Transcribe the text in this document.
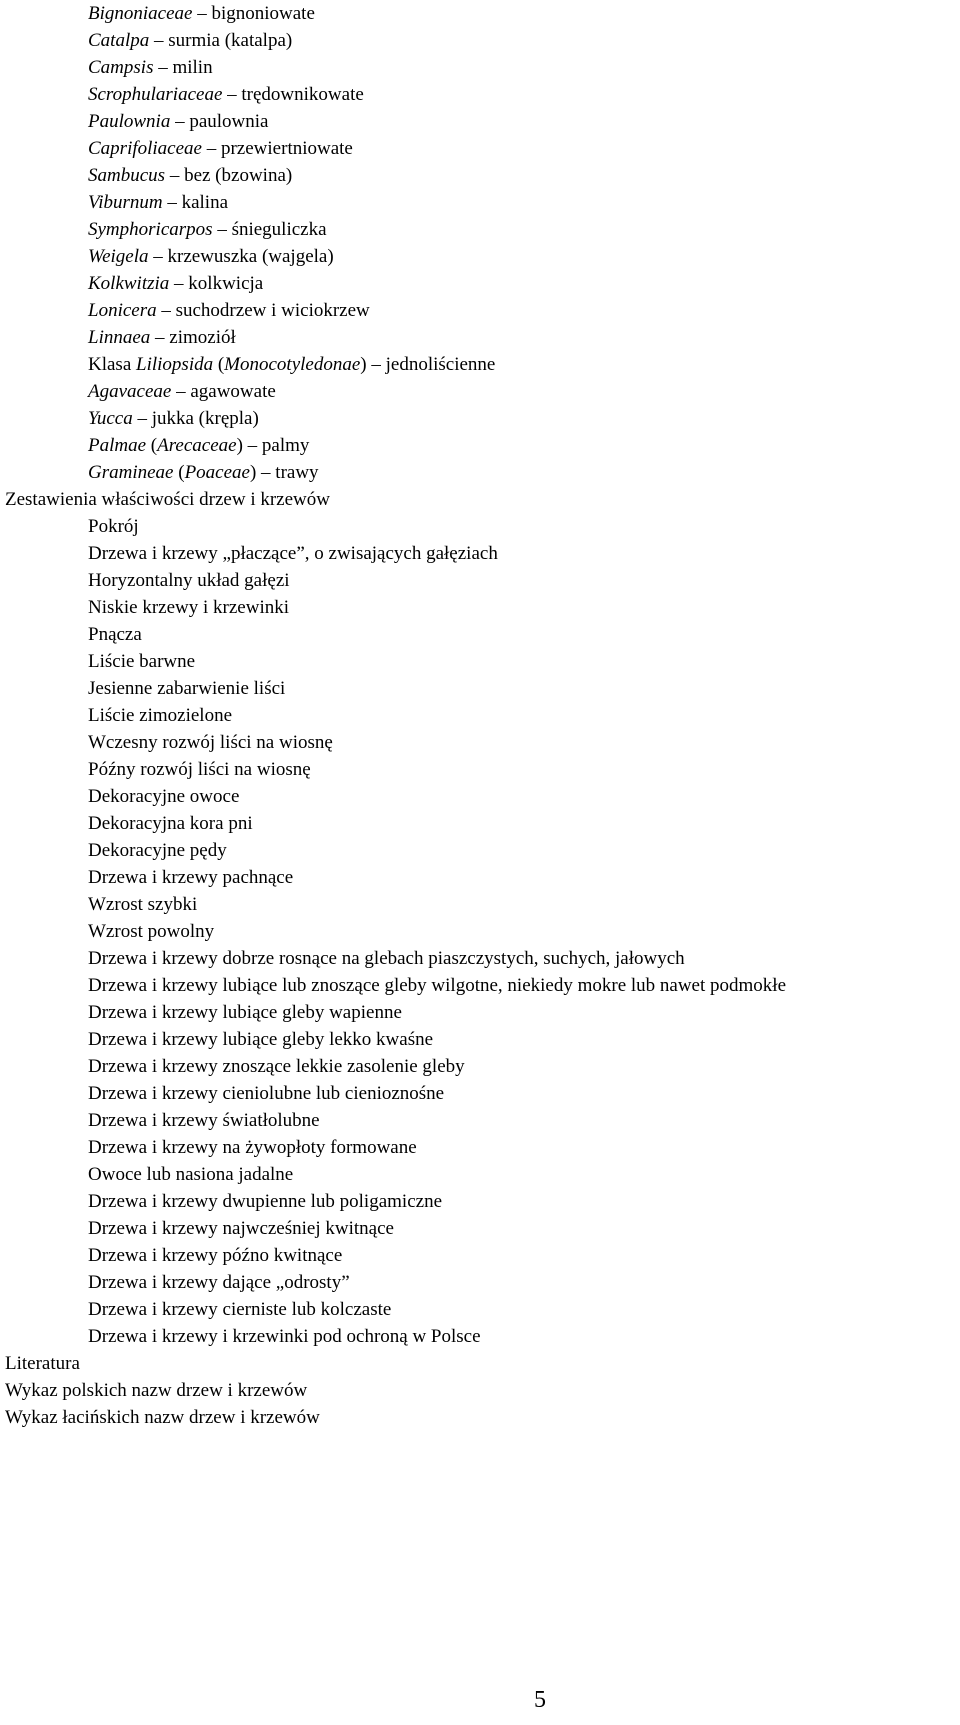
Bignoniaceae – bignoniowate
Catalpa – surmia (katalpa)
Campsis – milin
Scrophulariaceae – trędownikowate
Paulownia – paulownia
Caprifoliaceae – przewiertniowate
Sambucus – bez (bzowina)
Viburnum – kalina
Symphoricarpos – śnieguliczka
Weigela – krzewuszka (wajgela)
Kolkwitzia – kolkwicja
Lonicera – suchodrzew i wiciokrzew
Linnaea – zimoziół
Klasa Liliopsida (Monocotyledonae) – jednoliścienne
Agavaceae – agawowate
Yucca – jukka (krępla)
Palmae (Arecaceae) – palmy
Gramineae (Poaceae) – trawy
Zestawienia właściwości drzew i krzewów
Pokrój
Drzewa i krzewy „płaczące”, o zwisających gałęziach
Horyzontalny układ gałęzi
Niskie krzewy i krzewinki
Pnącza
Liście barwne
Jesienne zabarwienie liści
Liście zimozielone
Wczesny rozwój liści na wiosnę
Późny rozwój liści na wiosnę
Dekoracyjne owoce
Dekoracyjna kora pni
Dekoracyjne pędy
Drzewa i krzewy pachnące
Wzrost szybki
Wzrost powolny
Drzewa i krzewy dobrze rosnące na glebach piaszczystych, suchych, jałowych
Drzewa i krzewy lubiące lub znoszące gleby wilgotne, niekiedy mokre lub nawet podmokłe
Drzewa i krzewy lubiące gleby wapienne
Drzewa i krzewy lubiące gleby lekko kwaśne
Drzewa i krzewy znoszące lekkie zasolenie gleby
Drzewa i krzewy cieniolubne lub cienioznośne
Drzewa i krzewy światłolubne
Drzewa i krzewy na żywopłoty formowane
Owoce lub nasiona jadalne
Drzewa i krzewy dwupienne lub poligamiczne
Drzewa i krzewy najwcześniej kwitnące
Drzewa i krzewy późno kwitnące
Drzewa i krzewy dające „odrosty”
Drzewa i krzewy cierniste lub kolczaste
Drzewa i krzewy i krzewinki pod ochroną w Polsce
Literatura
Wykaz polskich nazw drzew i krzewów
Wykaz łacińskich nazw drzew i krzewów
5
